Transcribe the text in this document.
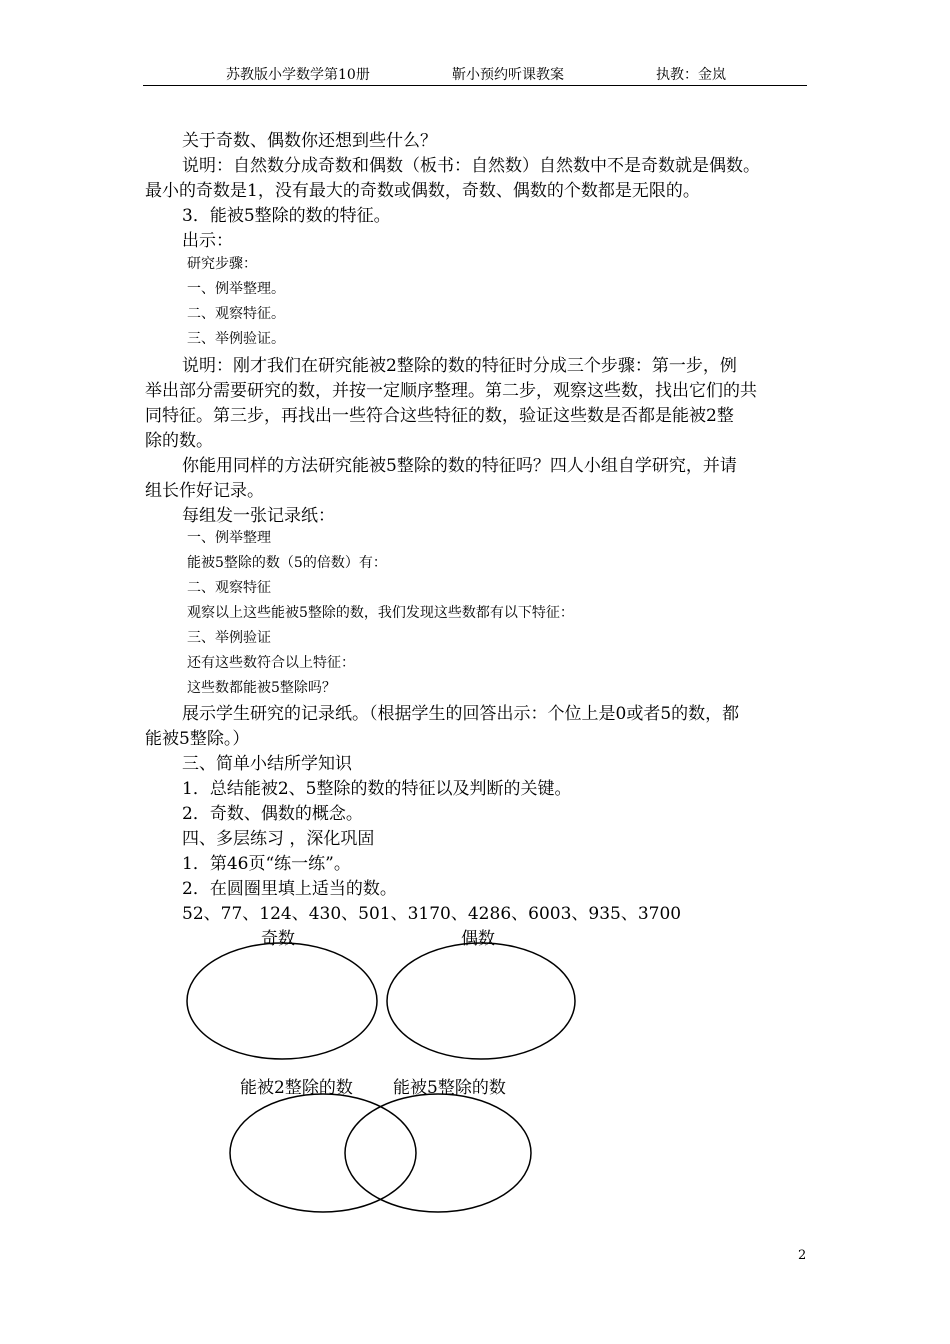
苏教版小学数学第10册	靳小预约听课教案	执教：金岚
关于奇数、偶数你还想到些什么？
说明：自然数分成奇数和偶数（板书：自然数）自然数中不是奇数就是偶数。
最小的奇数是1，没有最大的奇数或偶数，奇数、偶数的个数都是无限的。
3．能被5整除的数的特征。
出示：
研究步骤：
一、例举整理。
二、观察特征。
三、举例验证。
说明：刚才我们在研究能被2整除的数的特征时分成三个步骤：第一步，例
举出部分需要研究的数，并按一定顺序整理。第二步，观察这些数，找出它们的共
同特征。第三步，再找出一些符合这些特征的数，验证这些数是否都是能被2整
除的数。
你能用同样的方法研究能被5整除的数的特征吗？四人小组自学研究，并请
组长作好记录。
每组发一张记录纸：
一、例举整理
能被5整除的数（5的倍数）有：
二、观察特征
观察以上这些能被5整除的数，我们发现这些数都有以下特征：
三、举例验证
还有这些数符合以上特征：
这些数都能被5整除吗？
展示学生研究的记录纸。（根据学生的回答出示：个位上是0或者5的数，都
能被5整除。）
三、简单小结所学知识
1．总结能被2、5整除的数的特征以及判断的关键。
2．奇数、偶数的概念。
四、多层练习 ，深化巩固
1．第46页“练一练”。
2．在圆圈里填上适当的数。
52、77、124、430、501、3170、4286、6003、935、3700
奇数	偶数
能被2整除的数 能被5整除的数
2
